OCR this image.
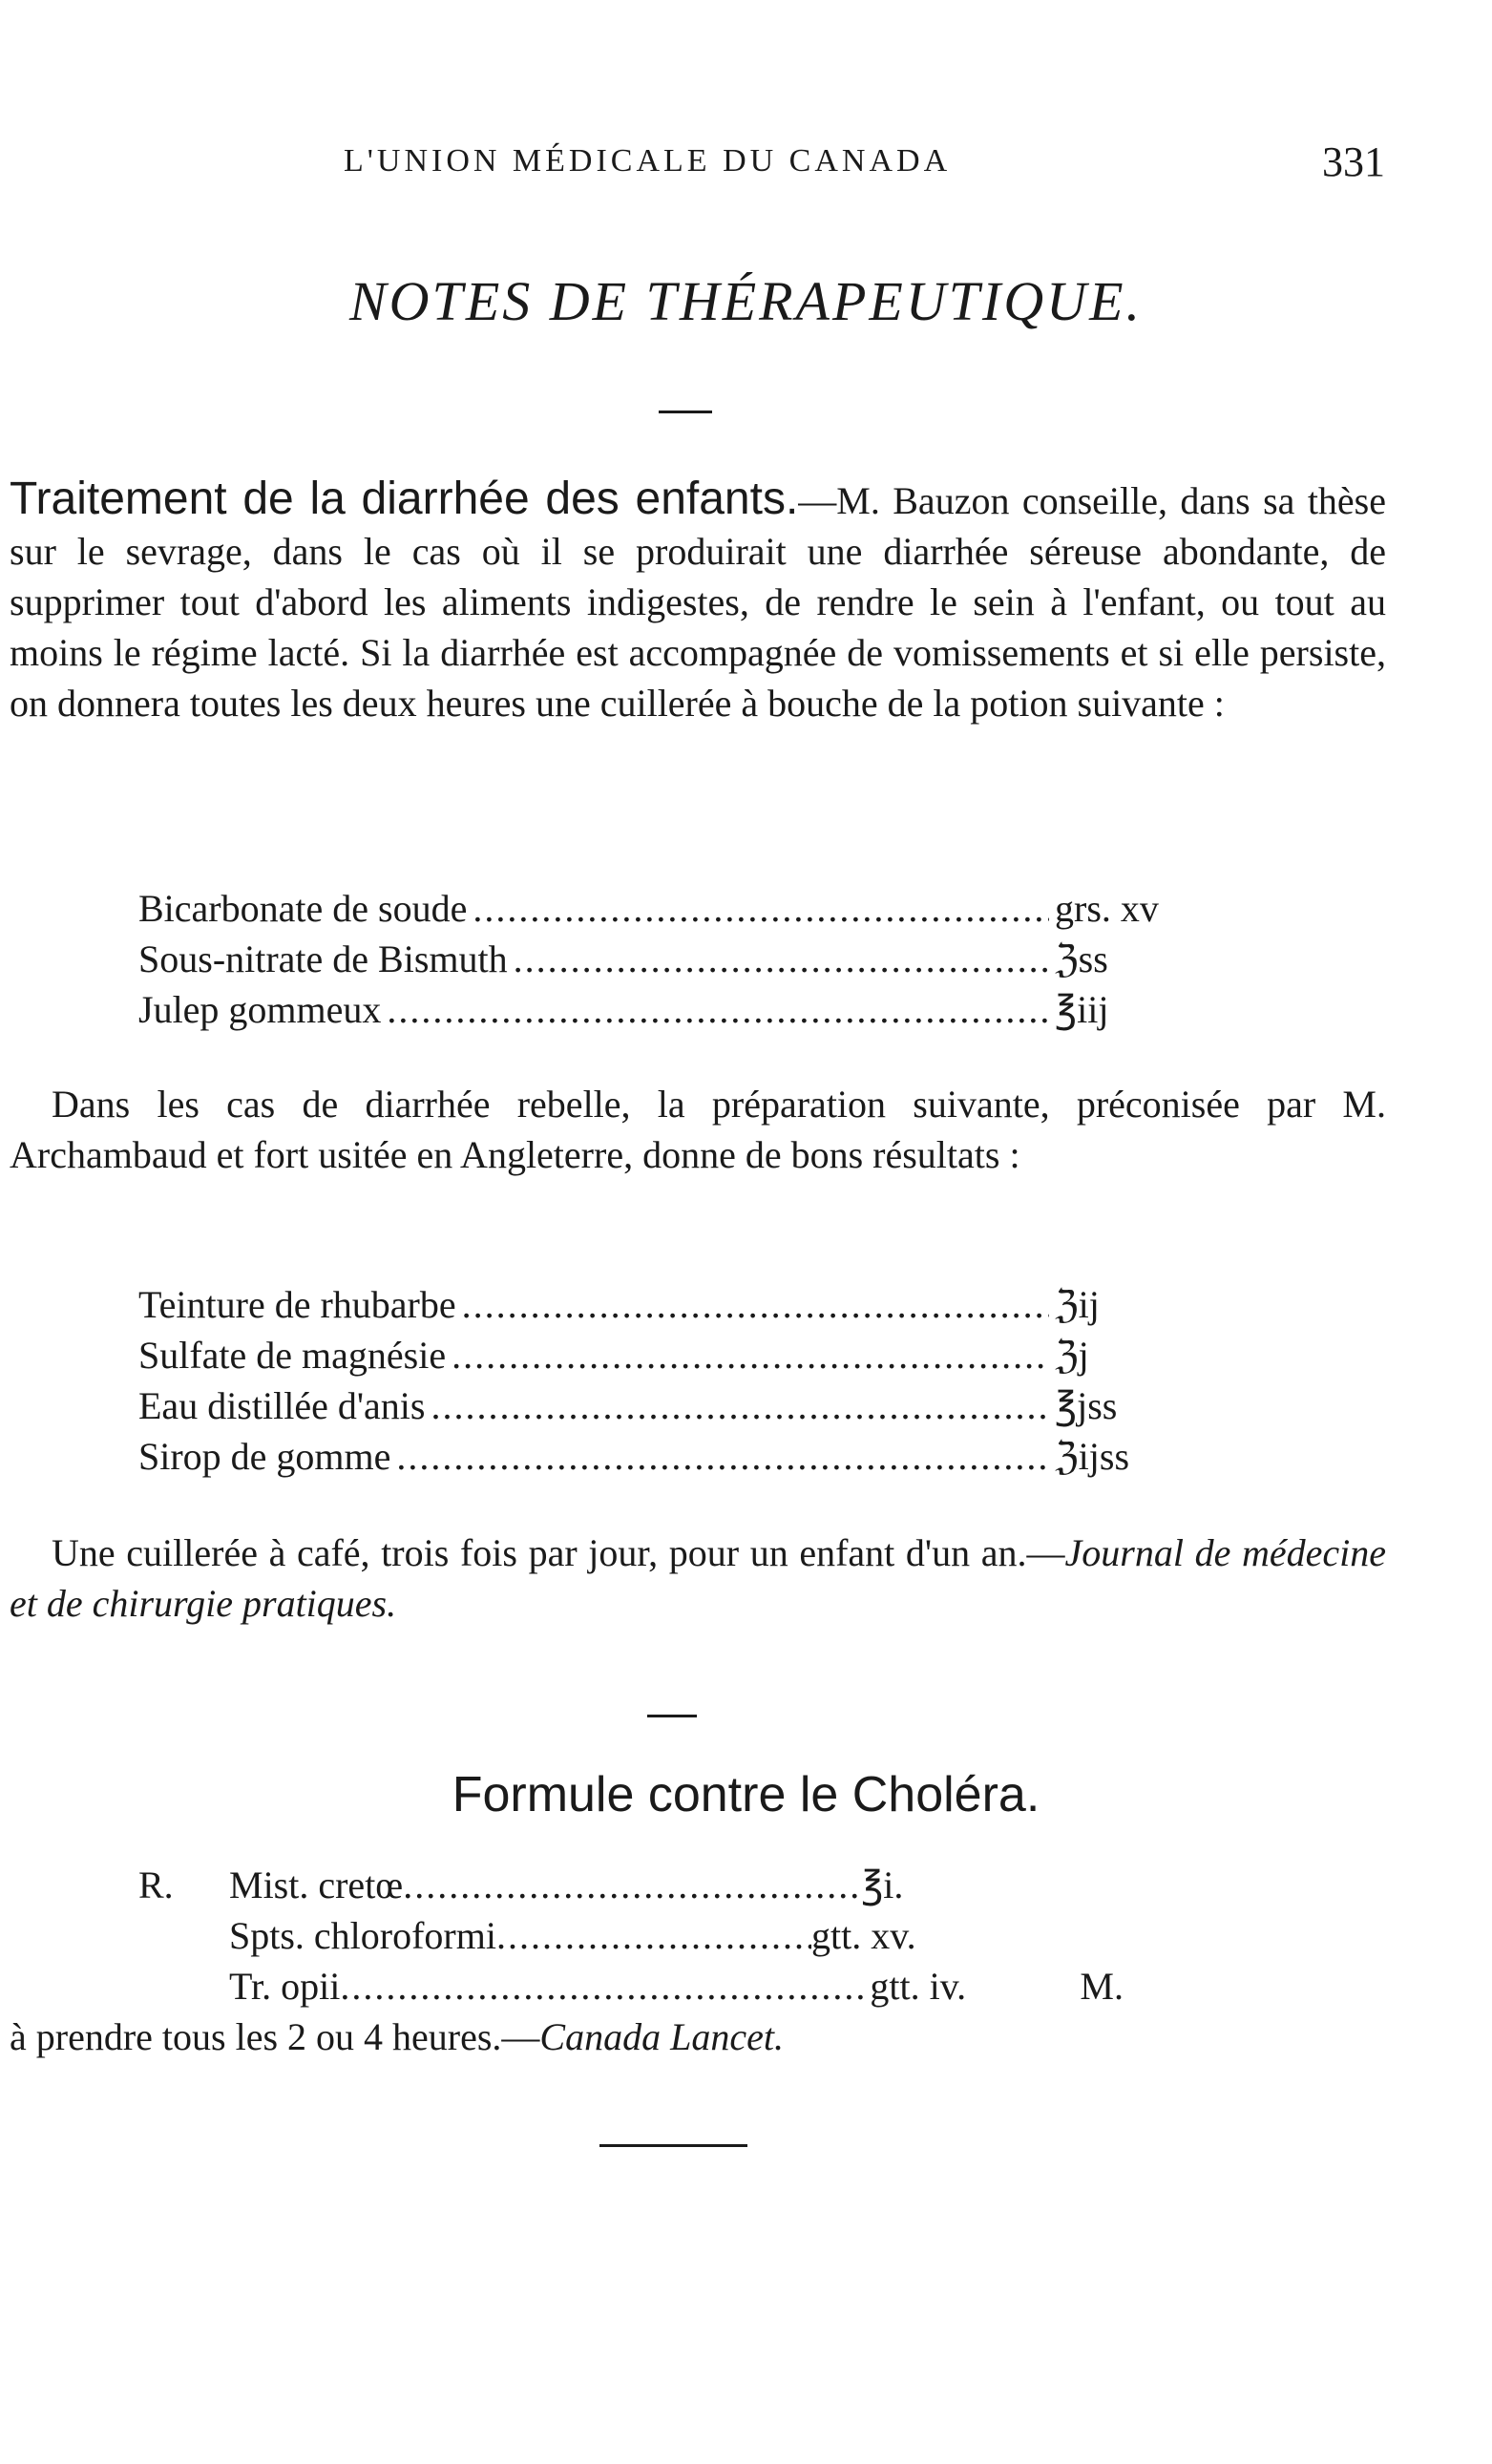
L'UNION MÉDICALE DU CANADA	331
NOTES DE THÉRAPEUTIQUE.

Traitement de la diarrhée des enfants.—M. Bauzon conseille, dans sa thèse sur le sevrage, dans le cas où il se produirait une diarrhée séreuse abondante, de supprimer tout d'abord les aliments indigestes, de rendre le sein à l'enfant, ou tout au moins le régime lacté. Si la diarrhée est accompagnée de vomissements et si elle persiste, on donnera toutes les deux heures une cuillerée à bouche de la potion suivante :

Bicarbonate de soude .....	grs. xv
Sous-nitrate de Bismuth .....	ℨss
Julep gommeux .....	℥iij

Dans les cas de diarrhée rebelle, la préparation suivante, préconisée par M. Archambaud et fort usitée en Angleterre, donne de bons résultats :

Teinture de rhubarbe .....	ℨij
Sulfate de magnésie .....	ℨj
Eau distillée d'anis .....	℥jss
Sirop de gomme .....	ℨijss

Une cuillerée à café, trois fois par jour, pour un enfant d'un an.—Journal de médecine et de chirurgie pratiques.

Formule contre le Choléra.
R.	Mist. cretœ .....	℥i.
Spts. chloroformi .....	gtt. xv.
Tr. opii .....	gtt. iv.	M.

à prendre tous les 2 ou 4 heures.—Canada Lancet.
